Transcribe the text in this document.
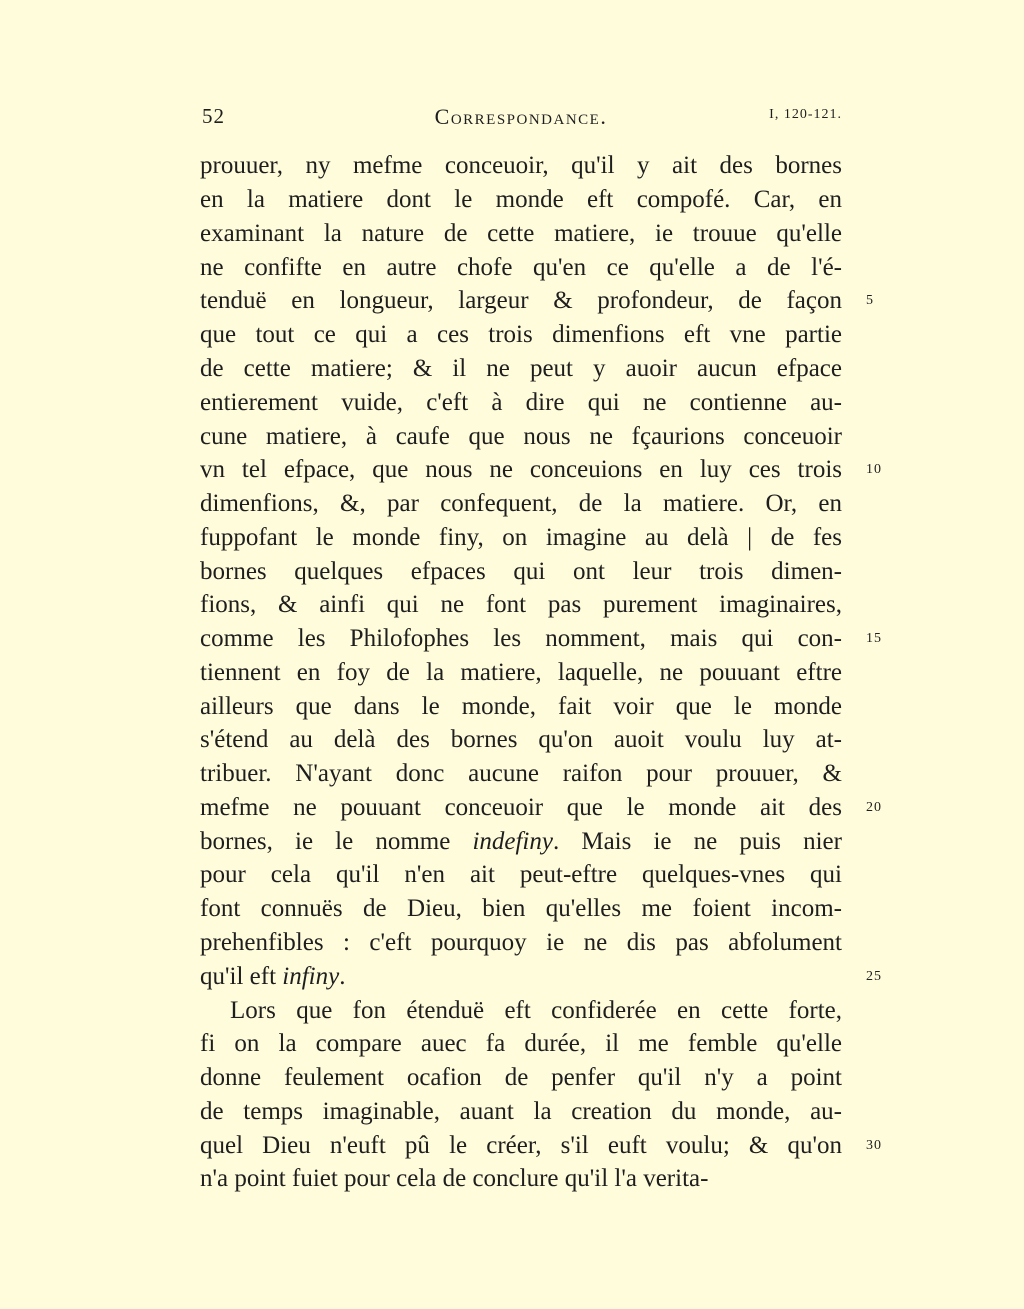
52	Correspondance.	I, 120-121.
prouuer, ny mefme conceuoir, qu'il y ait des bornes
en la matiere dont le monde eft compofé. Car, en
examinant la nature de cette matiere, ie trouue qu'elle
ne confifte en autre chofe qu'en ce qu'elle a de l'é-
tenduë en longueur, largeur & profondeur, de façon
que tout ce qui a ces trois dimenfions eft vne partie
de cette matiere; & il ne peut y auoir aucun efpace
entierement vuide, c'eft à dire qui ne contienne au-
cune matiere, à caufe que nous ne fçaurions conceuoir
vn tel efpace, que nous ne conceuions en luy ces trois
dimenfions, &, par confequent, de la matiere. Or, en
fuppofant le monde finy, on imagine au delà | de fes
bornes quelques efpaces qui ont leur trois dimen-
fions, & ainfi qui ne font pas purement imaginaires,
comme les Philofophes les nomment, mais qui con-
tiennent en foy de la matiere, laquelle, ne pouuant eftre
ailleurs que dans le monde, fait voir que le monde
s'étend au delà des bornes qu'on auoit voulu luy at-
tribuer. N'ayant donc aucune raifon pour prouuer, &
mefme ne pouuant conceuoir que le monde ait des
bornes, ie le nomme indefiny. Mais ie ne puis nier
pour cela qu'il n'en ait peut-eftre quelques-vnes qui
font connuës de Dieu, bien qu'elles me foient incom-
prehenfibles : c'eft pourquoy ie ne dis pas abfolument
qu'il eft infiny.
Lors que fon étenduë eft confiderée en cette forte,
fi on la compare auec fa durée, il me femble qu'elle
donne feulement ocafion de penfer qu'il n'y a point
de temps imaginable, auant la creation du monde, au-
quel Dieu n'euft pû le créer, s'il euft voulu; & qu'on
n'a point fuiet pour cela de conclure qu'il l'a verita-
5
10
15
20
25
30
